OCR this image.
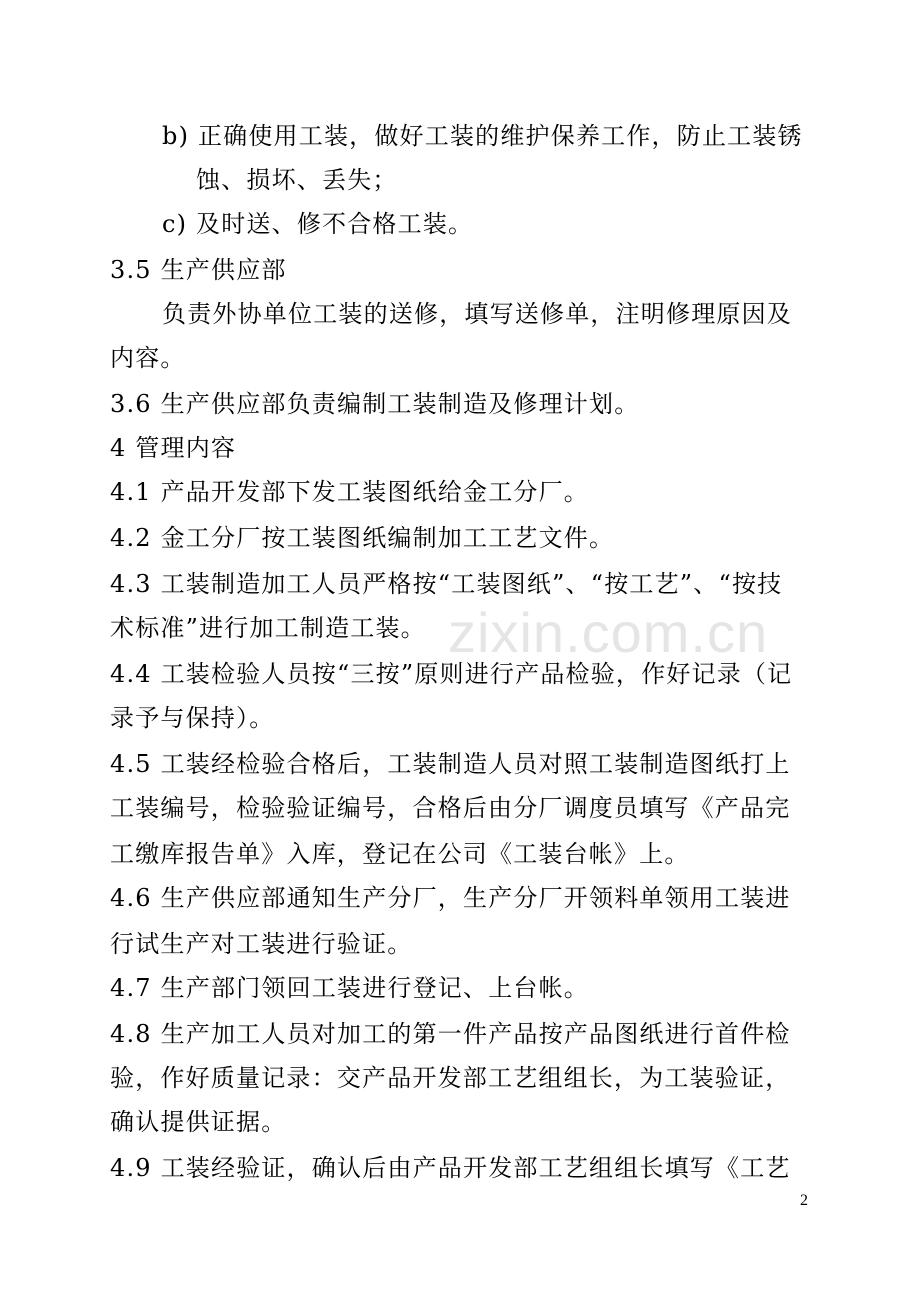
b) 正确使用工装，做好工装的维护保养工作，防止工装锈
蚀、损坏、丢失；
c) 及时送、修不合格工装。
3.5 生产供应部
负责外协单位工装的送修，填写送修单，注明修理原因及
内容。
3.6 生产供应部负责编制工装制造及修理计划。
4 管理内容
4.1 产品开发部下发工装图纸给金工分厂。
4.2 金工分厂按工装图纸编制加工工艺文件。
4.3 工装制造加工人员严格按“工装图纸”、“按工艺”、“按技
术标准”进行加工制造工装。
4.4 工装检验人员按“三按”原则进行产品检验，作好记录（记
录予与保持）。
4.5 工装经检验合格后，工装制造人员对照工装制造图纸打上
工装编号，检验验证编号，合格后由分厂调度员填写《产品完
工缴库报告单》入库，登记在公司《工装台帐》上。
4.6 生产供应部通知生产分厂，生产分厂开领料单领用工装进
行试生产对工装进行验证。
4.7 生产部门领回工装进行登记、上台帐。
4.8 生产加工人员对加工的第一件产品按产品图纸进行首件检
验，作好质量记录：交产品开发部工艺组组长，为工装验证，
确认提供证据。
4.9 工装经验证，确认后由产品开发部工艺组组长填写《工艺
zixin.com.cn
2
